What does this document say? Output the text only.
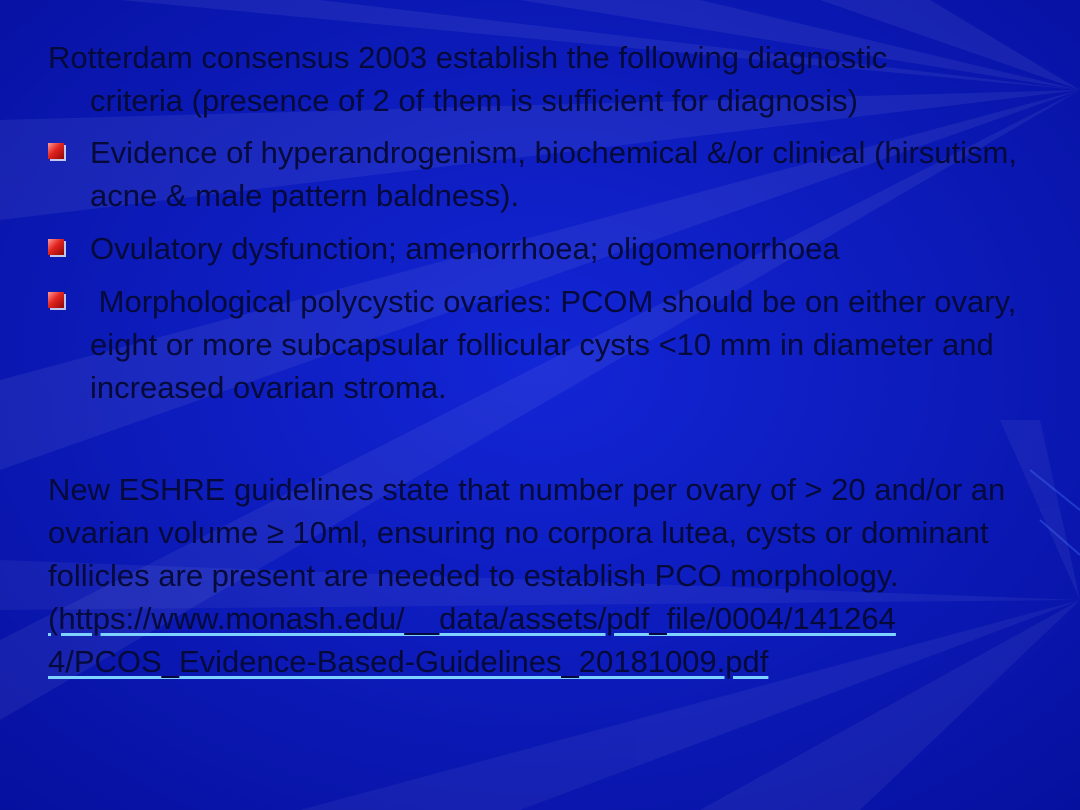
Rotterdam consensus 2003 establish the following diagnostic
criteria (presence of 2 of them is sufficient for diagnosis)
Evidence of hyperandrogenism, biochemical &/or clinical (hirsutism, acne & male pattern baldness).
Ovulatory dysfunction; amenorrhoea; oligomenorrhoea
Morphological polycystic ovaries: PCOM should be on either ovary, eight or more subcapsular follicular cysts <10 mm in diameter and increased ovarian stroma.
New ESHRE guidelines state that number per ovary of > 20 and/or an ovarian volume ≥ 10ml, ensuring no corpora lutea, cysts or dominant follicles are present are needed to establish PCO morphology.
(https://www.monash.edu/__data/assets/pdf_file/0004/141264
4/PCOS_Evidence-Based-Guidelines_20181009.pdf
